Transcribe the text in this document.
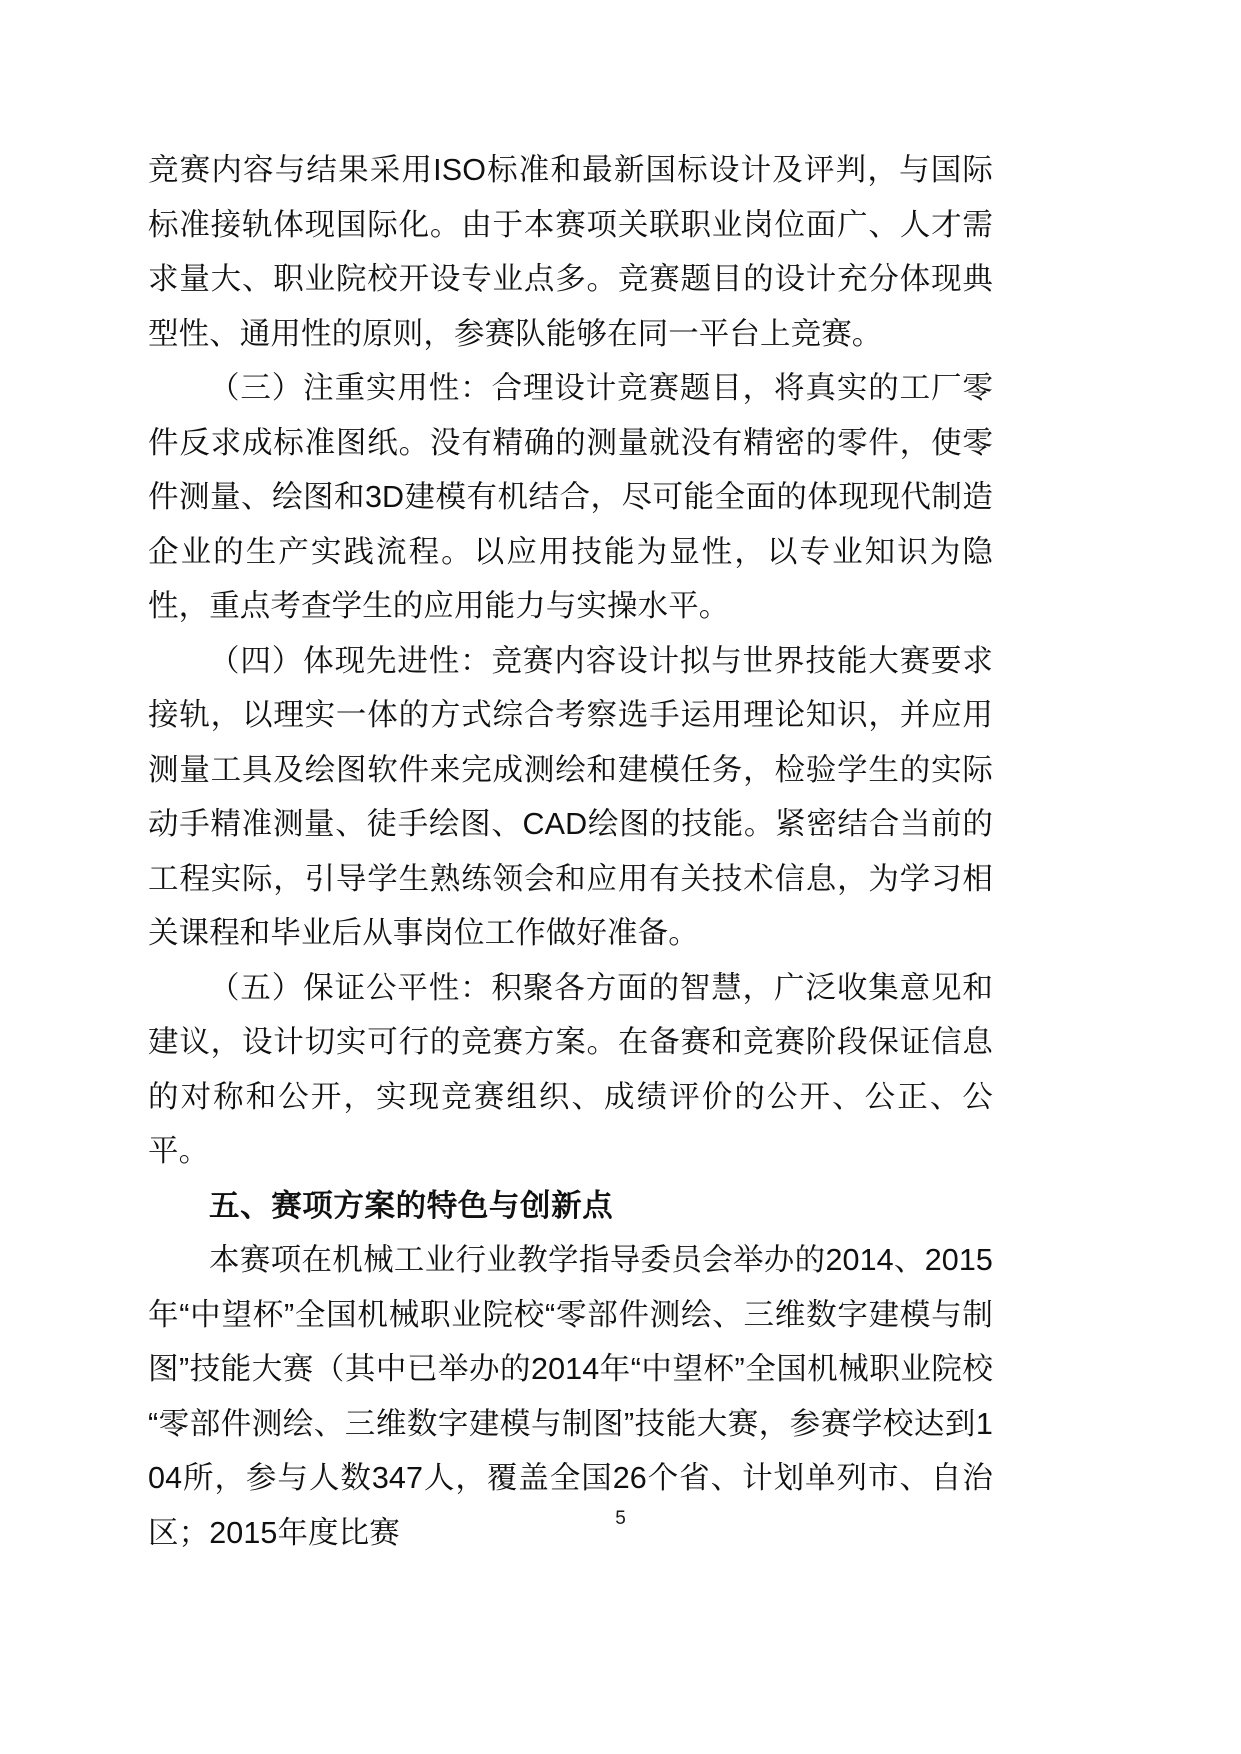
竞赛内容与结果采用ISO标准和最新国标设计及评判，与国际标准接轨体现国际化。由于本赛项关联职业岗位面广、人才需求量大、职业院校开设专业点多。竞赛题目的设计充分体现典型性、通用性的原则，参赛队能够在同一平台上竞赛。

（三）注重实用性：合理设计竞赛题目，将真实的工厂零件反求成标准图纸。没有精确的测量就没有精密的零件，使零件测量、绘图和3D建模有机结合，尽可能全面的体现现代制造企业的生产实践流程。以应用技能为显性，以专业知识为隐性，重点考查学生的应用能力与实操水平。

（四）体现先进性：竞赛内容设计拟与世界技能大赛要求接轨，以理实一体的方式综合考察选手运用理论知识，并应用测量工具及绘图软件来完成测绘和建模任务，检验学生的实际动手精准测量、徒手绘图、CAD绘图的技能。紧密结合当前的工程实际，引导学生熟练领会和应用有关技术信息，为学习相关课程和毕业后从事岗位工作做好准备。

（五）保证公平性：积聚各方面的智慧，广泛收集意见和建议，设计切实可行的竞赛方案。在备赛和竞赛阶段保证信息的对称和公开，实现竞赛组织、成绩评价的公开、公正、公平。

五、赛项方案的特色与创新点

本赛项在机械工业行业教学指导委员会举办的2014、2015年“中望杯”全国机械职业院校“零部件测绘、三维数字建模与制图”技能大赛（其中已举办的2014年“中望杯”全国机械职业院校“零部件测绘、三维数字建模与制图”技能大赛，参赛学校达到104所，参与人数347人，覆盖全国26个省、计划单列市、自治区；2015年度比赛	5
